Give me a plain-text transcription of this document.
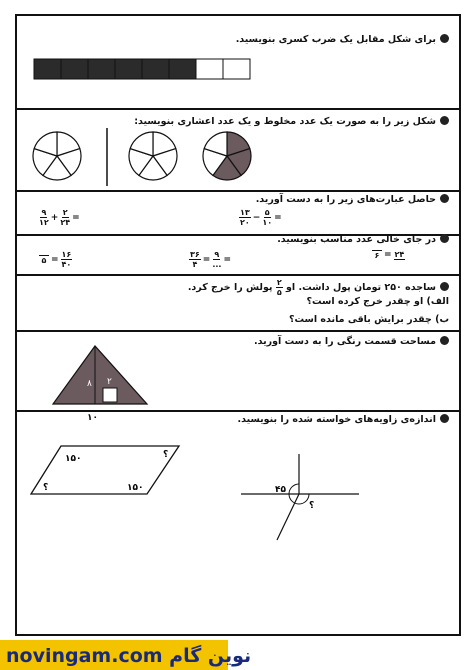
برای شکل مقابل یک ضرب کسری بنویسید.
شکل زیر را به صورت یک عدد مخلوط و یک عدد اعشاری بنویسید:
حاصل عبارت‌های زیر را به دست آورید.
$\frac{۹}{۱۲} + \frac{۲}{۲۴}$ =	$\frac{۱۳}{۲۰} - \frac{۵}{۱۰}$ =
در جای خالی عدد مناسب بنویسید.
۵ = $\frac{۱۶}{۴۰}$	$\frac{۳۶}{۴} = \frac{۹}{...}$ =	۶ = ۲۴
ساجده ۲۵۰ تومان پول داشت. او
$\frac{۲}{۵}$
پولش را خرج کرد.
الف) او چقدر خرج کرده است؟
ب) چقدر برایش باقی مانده است؟
مساحت قسمت رنگی را به دست آورید.
۸ ۲
۱۰	اندازه‌ی زاویه‌های خواسته شده را بنویسید.
۱۵۰	؟
؟	۱۵۰	۴۵
؟
noving‌am.com نوین گام
